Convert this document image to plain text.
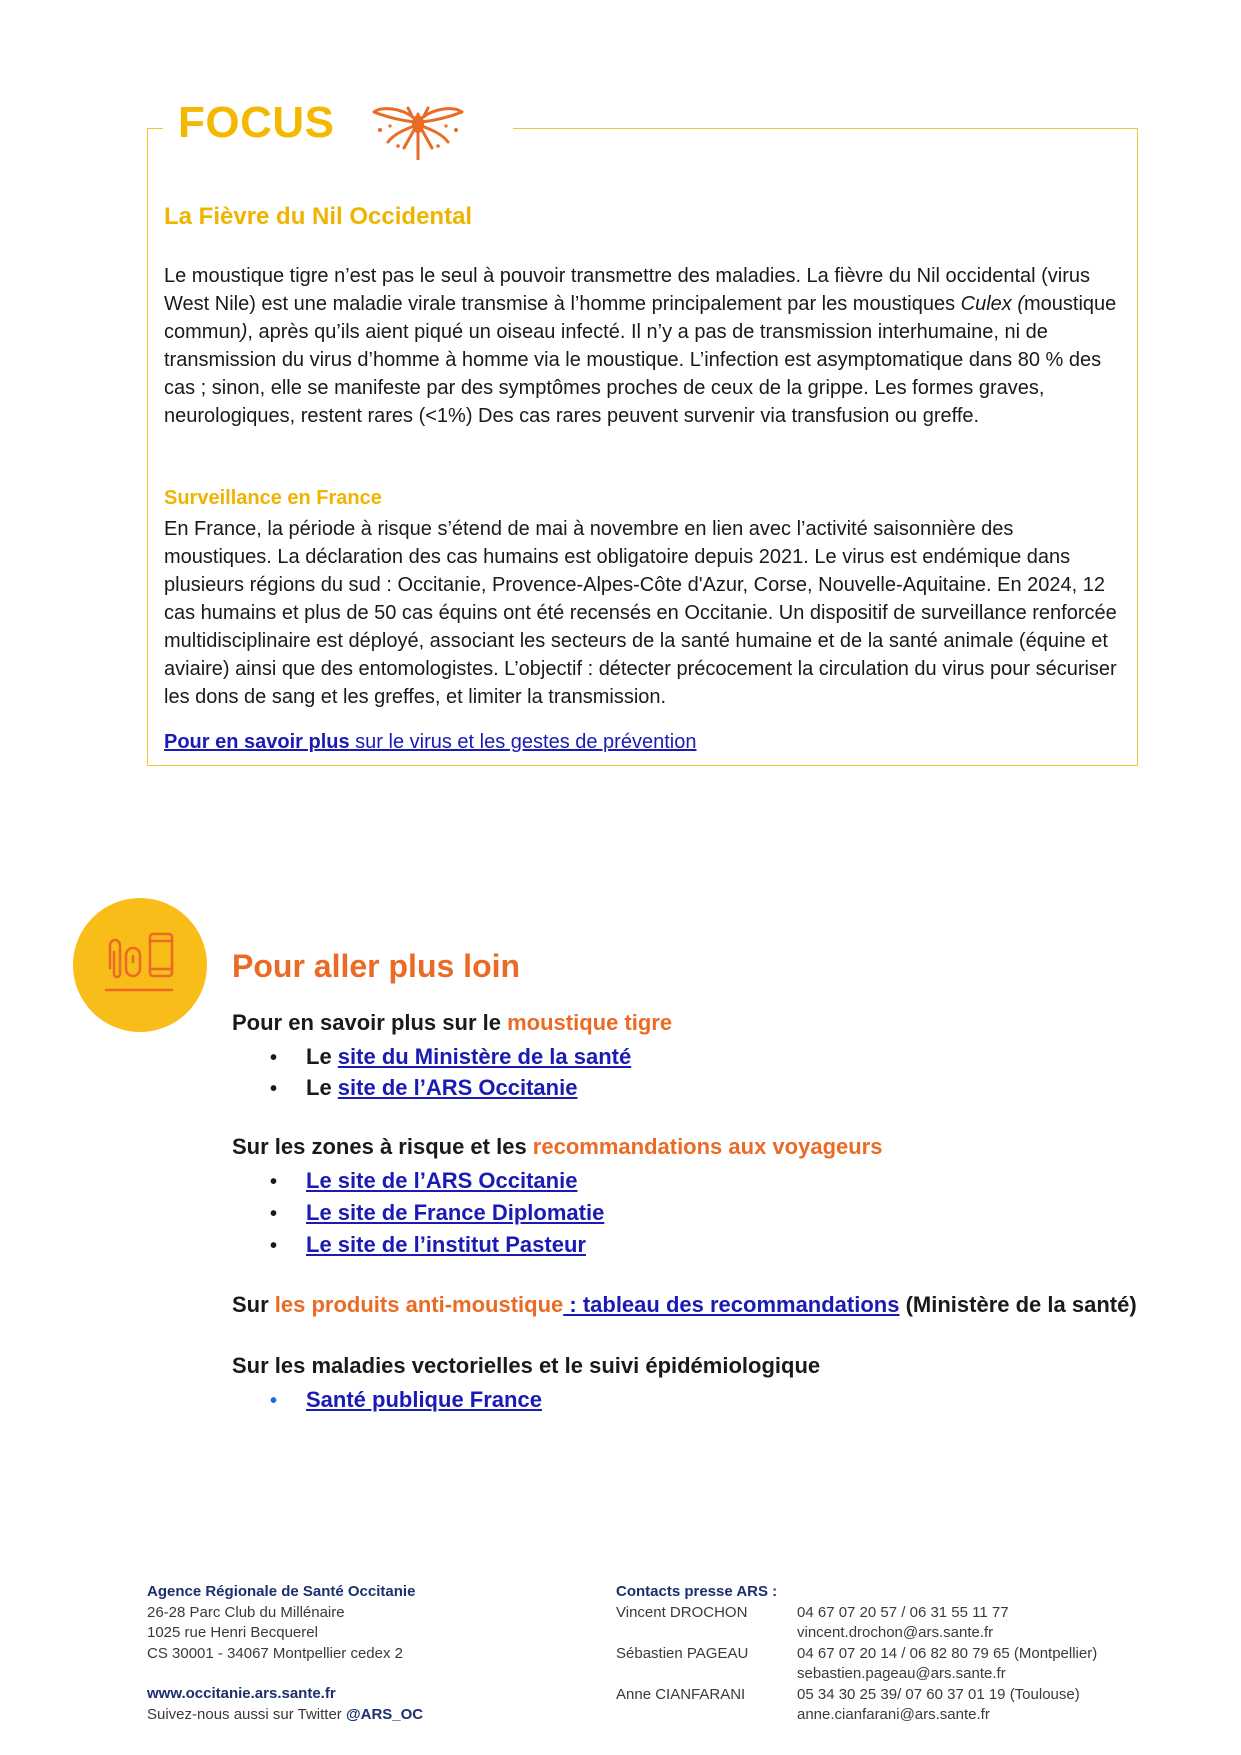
FOCUS
La Fièvre du Nil Occidental

Le moustique tigre n’est pas le seul à pouvoir transmettre des maladies. La fièvre du Nil occidental (virus West Nile) est une maladie virale transmise à l’homme principalement par les moustiques Culex (moustique commun), après qu’ils aient piqué un oiseau infecté. Il n’y a pas de transmission interhumaine, ni de transmission du virus d’homme à homme via le moustique. L’infection est asymptomatique dans 80 % des cas ; sinon, elle se manifeste par des symptômes proches de ceux de la grippe. Les formes graves, neurologiques, restent rares (<1%) Des cas rares peuvent survenir via transfusion ou greffe.

Surveillance en France

En France, la période à risque s’étend de mai à novembre en lien avec l’activité saisonnière des moustiques. La déclaration des cas humains est obligatoire depuis 2021. Le virus est endémique dans plusieurs régions du sud : Occitanie, Provence-Alpes-Côte d'Azur, Corse, Nouvelle-Aquitaine. En 2024, 12 cas humains et plus de 50 cas équins ont été recensés en Occitanie. Un dispositif de surveillance renforcée multidisciplinaire est déployé, associant les secteurs de la santé humaine et de la santé animale (équine et aviaire) ainsi que des entomologistes. L’objectif : détecter précocement la circulation du virus pour sécuriser les dons de sang et les greffes, et limiter la transmission.

Pour en savoir plus sur le virus et les gestes de prévention
Pour aller plus loin
Pour en savoir plus sur le moustique tigre
• Le site du Ministère de la santé
• Le site de l’ARS Occitanie
Sur les zones à risque et les recommandations aux voyageurs
• Le site de l’ARS Occitanie
• Le site de France Diplomatie
• Le site de l’institut Pasteur
Sur les produits anti-moustique : tableau des recommandations (Ministère de la santé)
Sur les maladies vectorielles et le suivi épidémiologique
• Santé publique France
Agence Régionale de Santé Occitanie
26-28 Parc Club du Millénaire
1025 rue Henri Becquerel
CS 30001 - 34067 Montpellier cedex 2
www.occitanie.ars.sante.fr
Suivez-nous aussi sur Twitter @ARS_OC
Contacts presse ARS :
Vincent DROCHON
Sébastien PAGEAU
Anne CIANFARANI
04 67 07 20 57 / 06 31 55 11 77
vincent.drochon@ars.sante.fr
04 67 07 20 14 / 06 82 80 79 65 (Montpellier)
sebastien.pageau@ars.sante.fr
05 34 30 25 39/ 07 60 37 01 19 (Toulouse)
anne.cianfarani@ars.sante.fr
